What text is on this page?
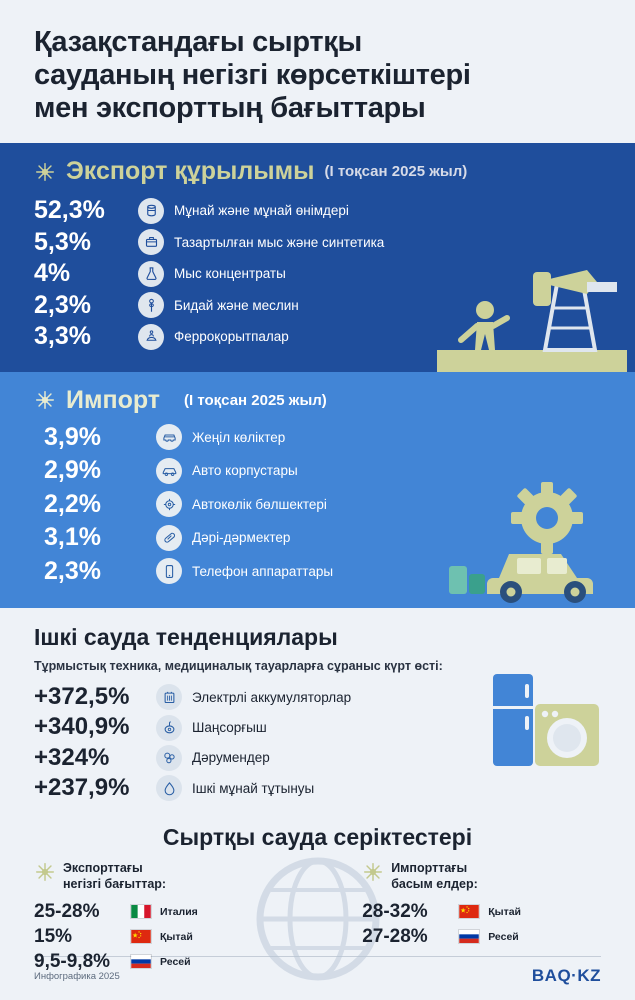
Қазақстандағы сыртқы
сауданың негізгі көрсеткіштері
мен экспорттың бағыттары
Экспорт құрылымы (I тоқсан 2025 жыл)
52,3%	Мұнай және мұнай өнімдері
5,3%	Тазартылған мыс және синтетика
4%	Мыс концентраты
2,3%	Бидай және меслин
3,3%	Ферроқорытпалар
Импорт (I тоқсан 2025 жыл)
3,9%	Жеңіл көліктер
2,9%	Авто корпустары
2,2%	Автокөлік бөлшектері
3,1%	Дәрі-дәрмектер
2,3%	Телефон аппараттары
Ішкі сауда тенденциялары
Тұрмыстық техника, медициналық тауарларға сұраныс күрт өсті:
+372,5%	Электрлі аккумуляторлар
+340,9%	Шаңсорғыш
+324%	Дәрумендер
+237,9%	Ішкі мұнай тұтынуы
Сыртқы сауда серіктестері
Экспорттағы
негізгі бағыттар:
25-28%	Италия
15%	Қытай
9,5-9,8%	Ресей
Импорттағы
басым елдер:
28-32%	Қытай
27-28%	Ресей
Инфографика 2025	BAQ·KZ
